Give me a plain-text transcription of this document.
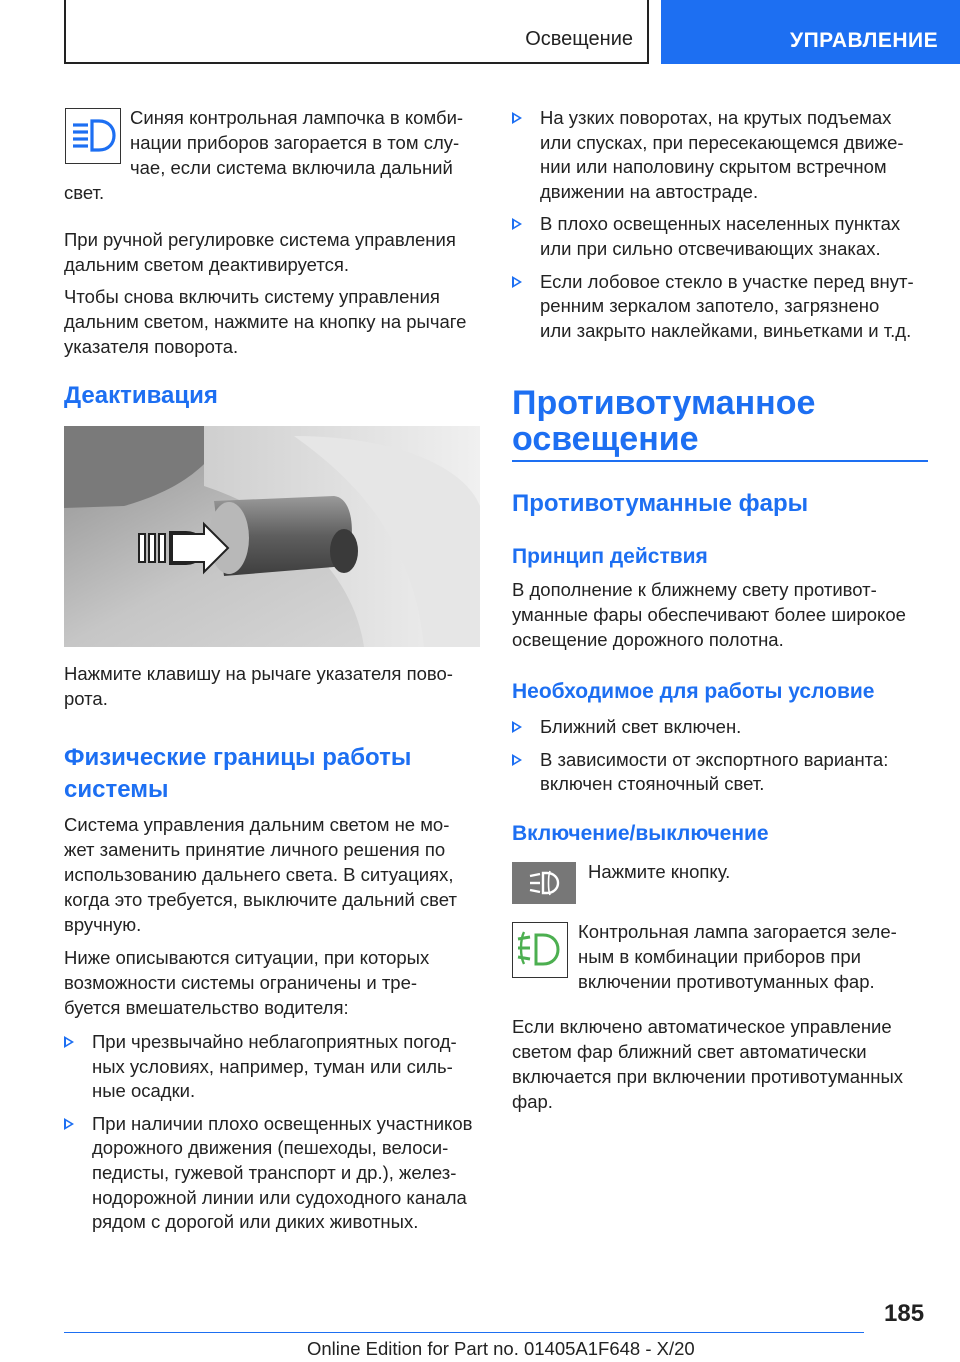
Освещение	УПРАВЛЕНИЕ

Синяя контрольная лампочка в комби-

нации приборов загорается в том слу-

чае, если система включила дальний

свет.

При ручной регулировке система управления

дальним светом деактивируется.

Чтобы снова включить систему управления

дальним светом, нажмите на кнопку на рычаге

указателя поворота.

Деактивация

Нажмите клавишу на рычаге указателя пово-

рота.

Физические границы работы
системы

Система управления дальним светом не мо-

жет заменить принятие личного решения по

использованию дальнего света. В ситуациях,

когда это требуется, выключите дальний свет

вручную.

Ниже описываются ситуации, при которых

возможности системы ограничены и тре-

буется вмешательство водителя:

При чрезвычайно неблагоприятных погод-
ных условиях, например, туман или силь-
ные осадки.
При наличии плохо освещенных участников
дорожного движения (пешеходы, велоси-
педисты, гужевой транспорт и др.), желез-
нодорожной линии или судоходного канала
рядом с дорогой или диких животных.
На узких поворотах, на крутых подъемах
или спусках, при пересекающемся движе-
нии или наполовину скрытом встречном
движении на автостраде.
В плохо освещенных населенных пунктах
или при сильно отсвечивающих знаках.
Если лобовое стекло в участке перед внут-
ренним зеркалом запотело, загрязнено
или закрыто наклейками, виньетками и т.д.
Противотуманное
освещение
Противотуманные фары
Принцип действия

В дополнение к ближнему свету противот-

уманные фары обеспечивают более широкое

освещение дорожного полотна.

Необходимое для работы условие
Ближний свет включен.
В зависимости от экспортного варианта:
включен стояночный свет.
Включение/выключение

Нажмите кнопку.

Контрольная лампа загорается зеле-

ным в комбинации приборов при

включении противотуманных фар.

Если включено автоматическое управление

светом фар ближний свет автоматически

включается при включении противотуманных

фар.

185
Online Edition for Part no. 01405A1F648 - X/20
